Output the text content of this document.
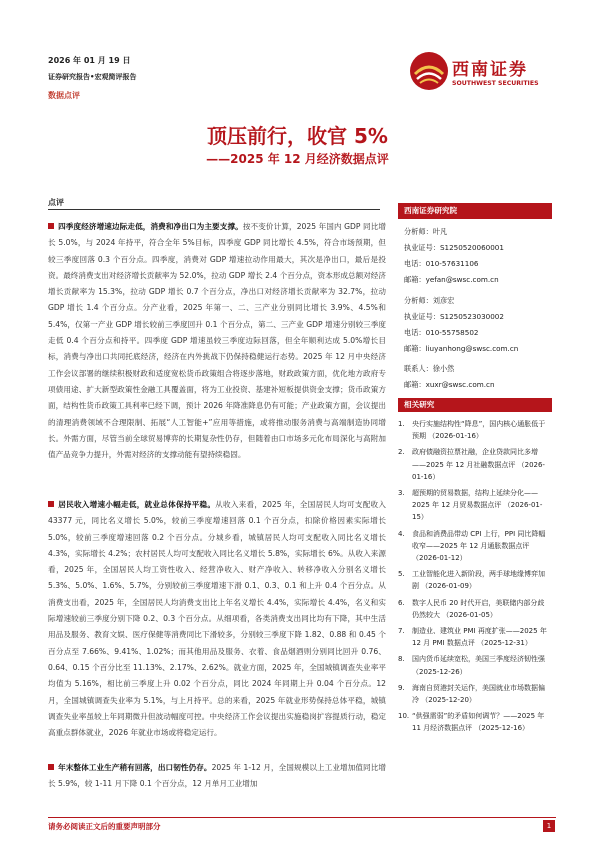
2026 年 01 月 19 日
证券研究报告•宏观简评报告
数据点评
西南证券
SOUTHWEST SECURITIES
顶压前行，收官 5%
——2025 年 12 月经济数据点评
点评
四季度经济增速边际走低，消费和净出口为主要支撑。按不变价计算，2025 年国内 GDP 同比增长 5.0%，与 2024 年持平，符合全年 5%目标，四季度 GDP 同比增长 4.5%，符合市场预期，但较三季度回落 0.3 个百分点。四季度，消费对 GDP 增速拉动作用最大，其次是净出口，最后是投资。最终消费支出对经济增长贡献率为 52.0%，拉动 GDP 增长 2.4 个百分点，资本形成总额对经济增长贡献率为 15.3%，拉动 GDP 增长 0.7 个百分点，净出口对经济增长贡献率为 32.7%，拉动 GDP 增长 1.4 个百分点。分产业看，2025 年第一、二、三产业分别同比增长 3.9%、4.5%和 5.4%，仅第一产业 GDP 增长较前三季度回升 0.1 个百分点，第二、三产业 GDP 增速分别较三季度走低 0.4 个百分点和持平。四季度 GDP 增速虽较三季度边际回落，但全年顺利达成 5.0%增长目标，消费与净出口共同托底经济，经济在内外挑战下仍保持稳健运行态势。2025 年 12 月中央经济工作会议部署的继续积极财政和适度宽松货币政策组合将逐步落地，财政政策方面，优化地方政府专项债用途、扩大新型政策性金融工具覆盖面，将为工业投资、基建补短板提供资金支撑；货币政策方面，结构性货币政策工具利率已经下调，预计 2026 年降准降息仍有可能；产业政策方面，会议提出的清理消费领域不合理限制、拓展“人工智能+”应用等措施，或将推动服务消费与高端制造协同增长。外需方面，尽管当前全球贸易博弈的长期复杂性仍存，但随着由口市场多元化布局深化与高附加值产品竞争力提升，外需对经济的支撑动能有望持续稳固。
居民收入增速小幅走低，就业总体保持平稳。从收入来看，2025 年，全国居民人均可支配收入 43377 元，同比名义增长 5.0%，较前三季度增速回落 0.1 个百分点，扣除价格因素实际增长 5.0%，较前三季度增速回落 0.2 个百分点。分城乡看，城镇居民人均可支配收入同比名义增长 4.3%，实际增长 4.2%；农村居民人均可支配收入同比名义增长 5.8%，实际增长 6%。从收入来源看，2025 年，全国居民人均工资性收入、经营净收入、财产净收入、转移净收入分别名义增长 5.3%、5.0%、1.6%、5.7%，分别较前三季度增速下滑 0.1、0.3、0.1 和上升 0.4 个百分点。从消费支出看，2025 年，全国居民人均消费支出比上年名义增长 4.4%，实际增长 4.4%，名义和实际增速较前三季度分别下降 0.2、0.3 个百分点。从细项看，各类消费支出同比均有下降，其中生活用品及服务、教育文娱、医疗保健等消费同比下滑较多，分别较三季度下降 1.82、0.88 和 0.45 个百分点至 7.66%、9.41%、1.02%；而其他用品及服务、衣着、食品烟酒则分别同比回升 0.76、0.64、0.15 个百分比至 11.13%、2.17%、2.62%。就业方面，2025 年，全国城镇调查失业率平均值为 5.16%，相比前三季度上升 0.02 个百分点，同比 2024 年同期上升 0.04 个百分点。12 月，全国城镇调查失业率为 5.1%，与上月持平。总的来看，2025 年就业形势保持总体平稳，城镇调查失业率虽较上年同期微升但波动幅度可控。中央经济工作会议提出实施稳岗扩容提质行动，稳定高重点群体就业，2026 年就业市场或将稳定运行。
年末整体工业生产稍有回落，出口韧性仍存。2025 年 1-12 月，全国规模以上工业增加值同比增长 5.9%，较 1-11 月下降 0.1 个百分点，12 月单月工业增加
西南证券研究院
分析师：叶凡
执业证号：S1250520060001
电话：010-57631106
邮箱：yefan@swsc.com.cn
分析师：刘彦宏
执业证号：S1250523030002
电话：010-55758502
邮箱：liuyanhong@swsc.com.cn
联系人：徐小然
邮箱：xuxr@swsc.com.cn
相关研究
1.	央行实施结构性“降息”，国内核心通胀低于预期 （2026-01-16）
2.	政府债融资拉票社融，企业贷款同比多增——2025 年 12 月社融数据点评 （2026-01-16）
3.	超预期的贸易数据，结构上延续分化——2025 年 12 月贸易数据点评 （2026-01-15）
4.	食品和消费品带动 CPI 上行，PPI 同比降幅收窄——2025 年 12 月通胀数据点评 （2026-01-12）
5.	工业智能化进入新阶段，两手球地缘博弈加剧 （2026-01-09）
6.	数字人民币 20 时代开启，美联储内部分歧仍然较大 （2026-01-05）
7.	制造业、建筑业 PMI 再度扩张——2025 年 12 月 PMI 数据点评 （2025-12-31）
8.	国内货币延续宽松，美国三季度经济韧性强 （2025-12-26）
9.	海南自贸港封关运作，美国就业市场数据偏冷 （2025-12-20）
10. “供强需弱”的矛盾如何调节？——2025 年 11 月经济数据点评 （2025-12-16）
请务必阅读正文后的重要声明部分	1
